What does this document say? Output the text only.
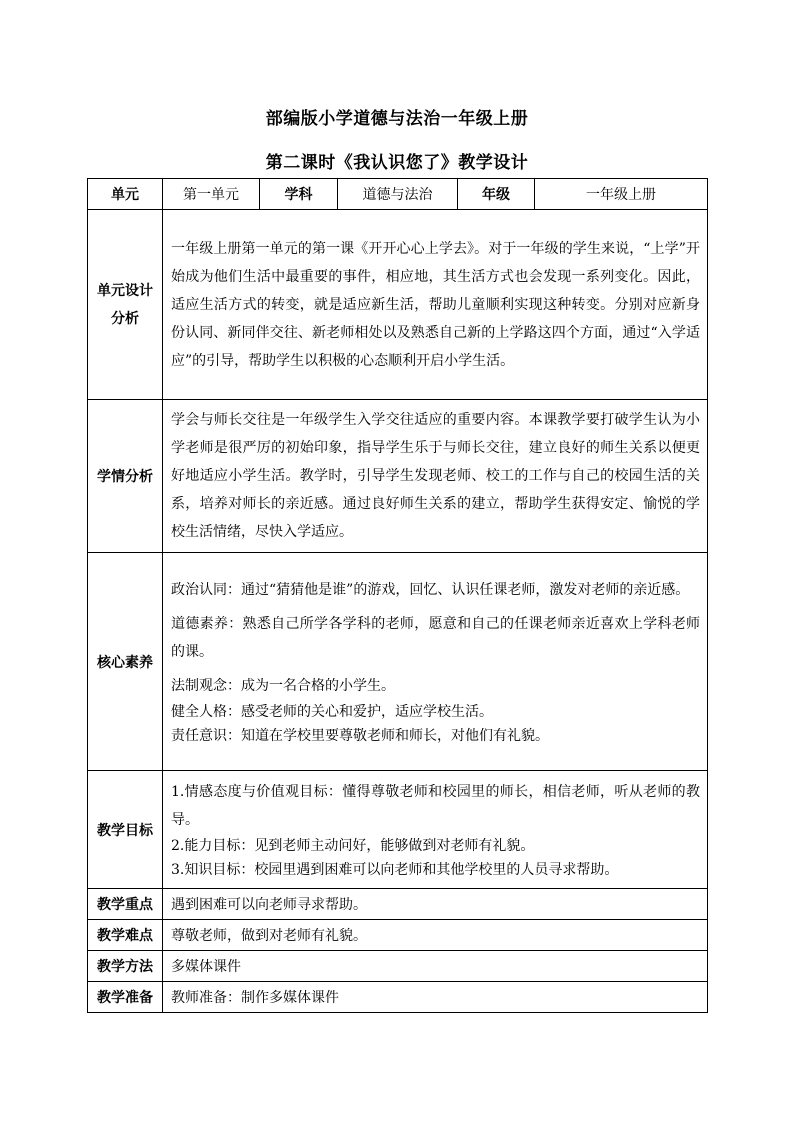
部编版小学道德与法治一年级上册
第二课时《我认识您了》教学设计
单元	第一单元	学科	道德与法治	年级	一年级上册

单元设计
分析	一年级上册第一单元的第一课《开开心心上学去》。对于一年级的学生来说，“上学”开始成为他们生活中最重要的事件，相应地，其生活方式也会发现一系列变化。因此，适应生活方式的转变，就是适应新生活，帮助儿童顺利实现这种转变。分别对应新身份认同、新同伴交往、新老师相处以及熟悉自己新的上学路这四个方面，通过“入学适应”的引导，帮助学生以积极的心态顺利开启小学生活。				

学情分析	学会与师长交往是一年级学生入学交往适应的重要内容。本课教学要打破学生认为小学老师是很严厉的初始印象，指导学生乐于与师长交往，建立良好的师生关系以便更好地适应小学生活。教学时，引导学生发现老师、校工的工作与自己的校园生活的关系，培养对师长的亲近感。通过良好师生关系的建立，帮助学生获得安定、愉悦的学校生活情绪，尽快入学适应。				

核心素养	政治认同：通过“猜猜他是谁”的游戏，回忆、认识任课老师，激发对老师的亲近感。
道德素养：熟悉自己所学各学科的老师，愿意和自己的任课老师亲近喜欢上学科老师的课。
法制观念：成为一名合格的小学生。
健全人格：感受老师的关心和爱护，适应学校生活。
责任意识：知道在学校里要尊敬老师和师长，对他们有礼貌。				

教学目标	1.情感态度与价值观目标：懂得尊敬老师和校园里的师长，相信老师，听从老师的教导。
2.能力目标：见到老师主动问好，能够做到对老师有礼貌。
3.知识目标：校园里遇到困难可以向老师和其他学校里的人员寻求帮助。				

教学重点	遇到困难可以向老师寻求帮助。				

教学难点	尊敬老师，做到对老师有礼貌。				

教学方法	多媒体课件				

教学准备	教师准备：制作多媒体课件				
